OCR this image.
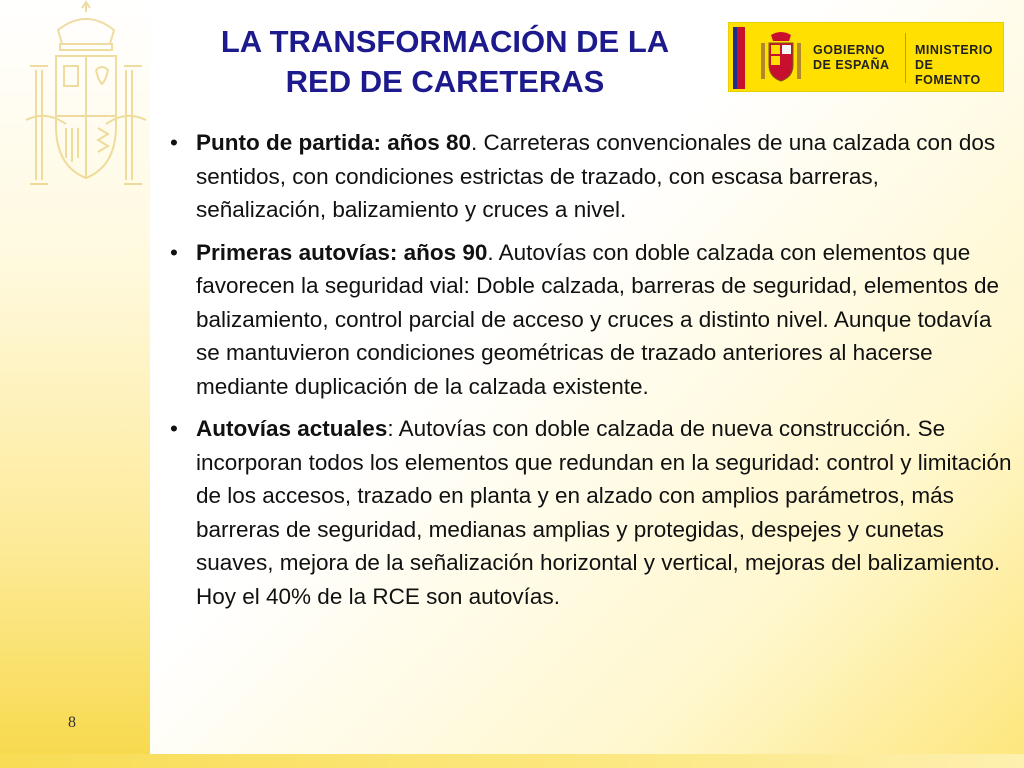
LA TRANSFORMACIÓN DE LA
RED DE CARETERAS
GOBIERNO
DE ESPAÑA
MINISTERIO
DE FOMENTO

• Punto de partida: años 80. Carreteras convencionales de una calzada con dos sentidos, con condiciones estrictas de trazado, con escasa barreras, señalización, balizamiento y cruces a nivel.

• Primeras autovías: años 90. Autovías con doble calzada con elementos que favorecen la seguridad vial: Doble calzada, barreras de seguridad, elementos de balizamiento, control parcial de acceso y cruces a distinto nivel. Aunque todavía se mantuvieron condiciones geométricas de trazado anteriores al hacerse mediante duplicación de la calzada existente.

• Autovías actuales: Autovías con doble calzada de nueva construcción. Se incorporan todos los elementos que redundan en la seguridad: control y limitación de los accesos, trazado en planta y en alzado con amplios parámetros, más barreras de seguridad, medianas amplias y protegidas, despejes y cunetas suaves, mejora de la señalización horizontal y vertical, mejoras del balizamiento. Hoy el 40% de la RCE son autovías.

8
